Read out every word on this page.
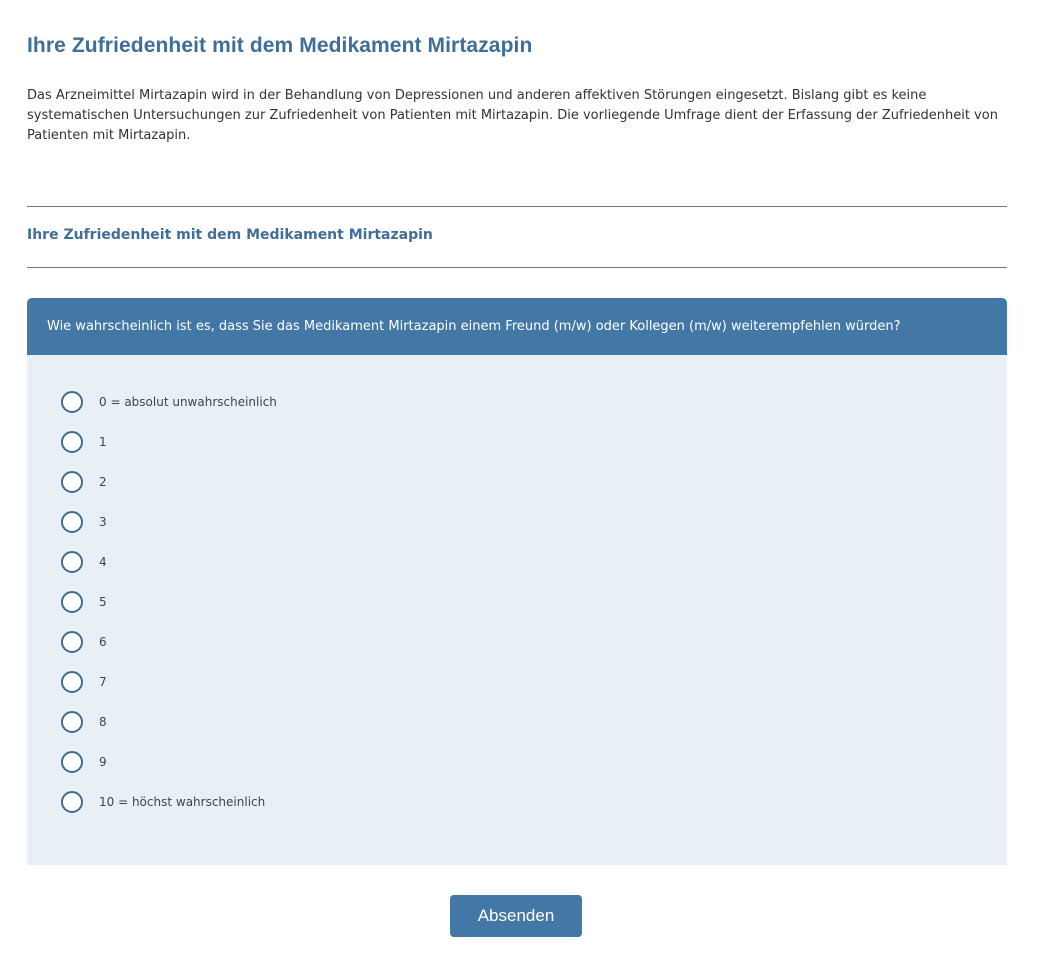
Ihre Zufriedenheit mit dem Medikament Mirtazapin

Das Arzneimittel Mirtazapin wird in der Behandlung von Depressionen und anderen affektiven Störungen eingesetzt. Bislang gibt es keine systematischen Untersuchungen zur Zufriedenheit von Patienten mit Mirtazapin. Die vorliegende Umfrage dient der Erfassung der Zufriedenheit von Patienten mit Mirtazapin.

Ihre Zufriedenheit mit dem Medikament Mirtazapin
Wie wahrscheinlich ist es, dass Sie das Medikament Mirtazapin einem Freund (m/w) oder Kollegen (m/w) weiterempfehlen würden?
0 = absolut unwahrscheinlich
1
2
3
4
5
6
7
8
9
10 = höchst wahrscheinlich
Absenden
